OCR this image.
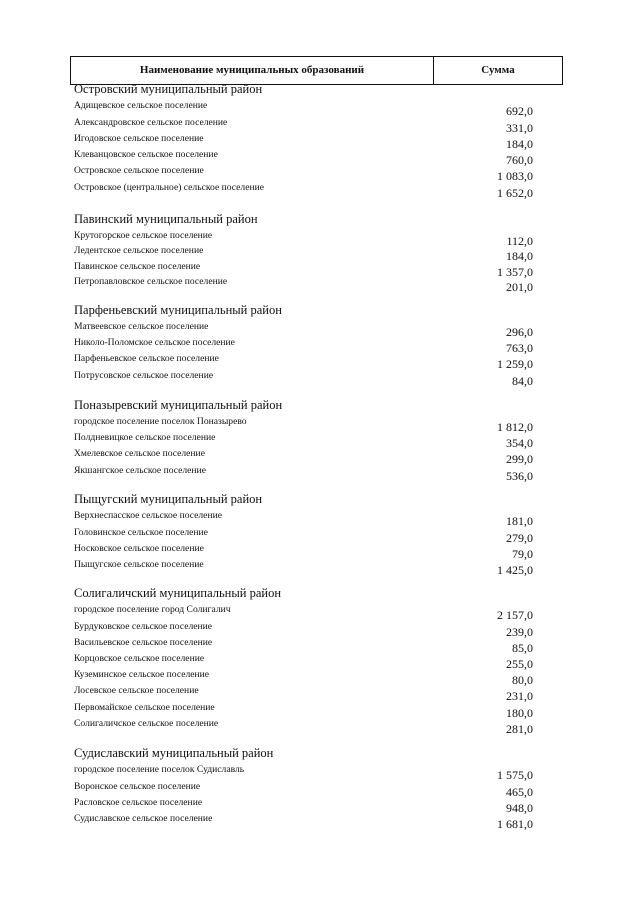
Наименование муниципальных образований	Сумма
Островский муниципальный район
Адищевское сельское поселение	692,0
Александровское сельское поселение	331,0
Игодовское сельское поселение	184,0
Клеванцовское сельское поселение	760,0
Островское сельское поселение	1 083,0
Островское (центральное) сельское поселение	1 652,0
Павинский муниципальный район
Крутогорское сельское поселение	112,0
Ледентское сельское поселение	184,0
Павинское сельское поселение	1 357,0
Петропавловское сельское поселение	201,0
Парфеньевский муниципальный район
Матвеевское сельское поселение	296,0
Николо-Поломское сельское поселение	763,0
Парфеньевское сельское поселение	1 259,0
Потрусовское сельское поселение	84,0
Поназыревский муниципальный район
городское поселение поселок Поназырево	1 812,0
Полдневицкое сельское поселение	354,0
Хмелевское сельское поселение	299,0
Якшангское сельское поселение	536,0
Пыщугский муниципальный район
Верхнеспасское сельское поселение	181,0
Головинское сельское поселение	279,0
Носковское сельское поселение	79,0
Пыщугское сельское поселение	1 425,0
Солигаличский муниципальный район
городское поселение город Солигалич	2 157,0
Бурдуковское сельское поселение	239,0
Васильевское сельское поселение	85,0
Корцовское сельское поселение	255,0
Куземинское сельское поселение	80,0
Лосевское сельское поселение	231,0
Первомайское сельское поселение	180,0
Солигаличское сельское поселение	281,0
Судиславский муниципальный район
городское поселение поселок Судиславль	1 575,0
Воронское сельское поселение	465,0
Расловское сельское поселение	948,0
Судиславское сельское поселение	1 681,0
